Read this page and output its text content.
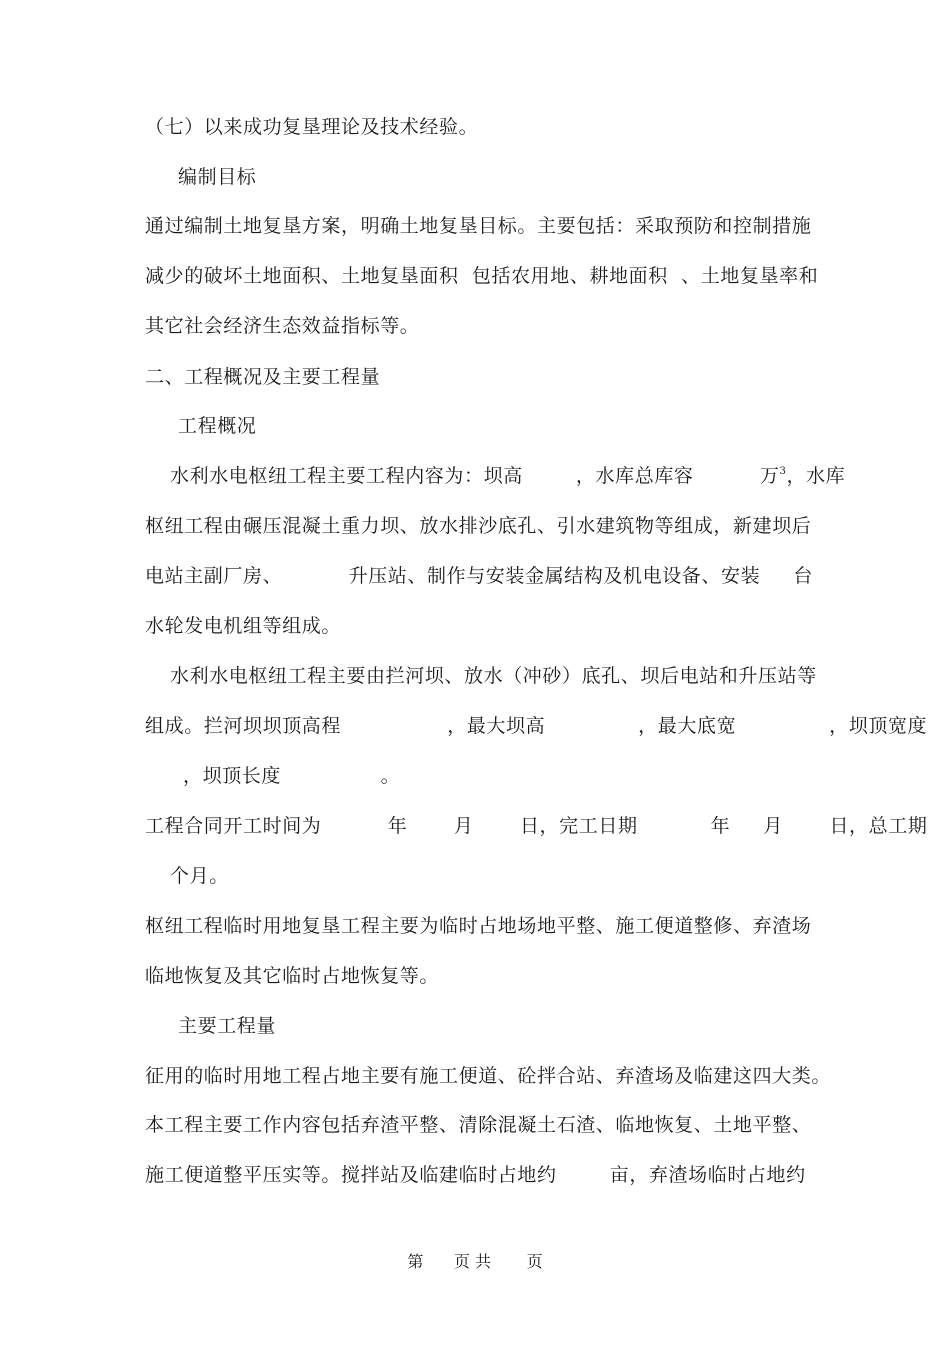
（七）以来成功复垦理论及技术经验。
编制目标
通过编制土地复垦方案，明确土地复垦目标。主要包括：采取预防和控制措施
减少的破坏土地面积、土地复垦面积  包括农用地、耕地面积  、土地复垦率和
其它社会经济生态效益指标等。
二、工程概况及主要工程量
工程概况
水利水电枢纽工程主要工程内容为：坝高        ，水库总库容          万$^3$，水库
枢纽工程由碾压混凝土重力坝、放水排沙底孔、引水建筑物等组成，新建坝后
电站主副厂房、          升压站、制作与安装金属结构及机电设备、安装     台
水轮发电机组等组成。
水利水电枢纽工程主要由拦河坝、放水（冲砂）底孔、坝后电站和升压站等
组成。拦河坝坝顶高程                ，最大坝高              ，最大底宽              ，坝顶宽度
，坝顶长度               。
工程合同开工时间为          年       月       日，完工日期           年     月       日，总工期
个月。
枢纽工程临时用地复垦工程主要为临时占地场地平整、施工便道整修、弃渣场
临地恢复及其它临时占地恢复等。
主要工程量
征用的临时用地工程占地主要有施工便道、砼拌合站、弃渣场及临建这四大类。
本工程主要工作内容包括弃渣平整、清除混凝土石渣、临地恢复、土地平整、
施工便道整平压实等。搅拌站及临建临时占地约        亩，弃渣场临时占地约
第      页 共       页
